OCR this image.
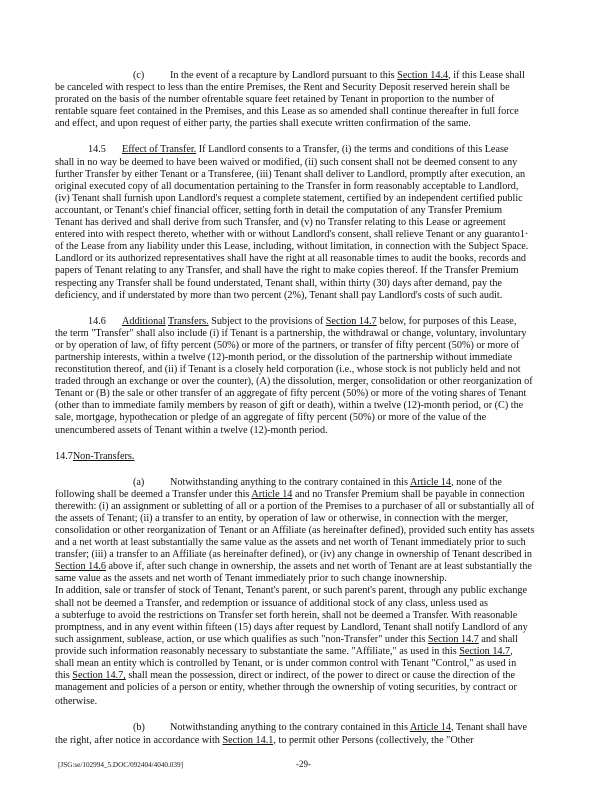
(c)	In the event of a recapture by Landlord pursuant to this Section 14.4, if this Lease shall
be canceled with respect to less than the entire Premises, the Rent and Security Deposit reserved herein shall be
prorated on the basis of the number ofrentable square feet retained by Tenant in proportion to the number of
rentable square feet contained in the Premises, and this Lease as so amended shall continue thereafter in full force
and effect, and upon request of either party, the parties shall execute written confirmation of the same.
14.5 Effect of Transfer. If Landlord consents to a Transfer, (i) the terms and conditions of this Lease
shall in no way be deemed to have been waived or modified, (ii) such consent shall not be deemed consent to any
further Transfer by either Tenant or a Transferee, (iii) Tenant shall deliver to Landlord, promptly after execution, an
original executed copy of all documentation pertaining to the Transfer in form reasonably acceptable to Landlord,
(iv) Tenant shall furnish upon Landlord's request a complete statement, certified by an independent certified public
accountant, or Tenant's chief financial officer, setting forth in detail the computation of any Transfer Premium
Tenant has derived and shall derive from such Transfer, and (v) no Transfer relating to this Lease or agreement
entered into with respect thereto, whether with or without Landlord's consent, shall relieve Tenant or any guaranto1·
of the Lease from any liability under this Lease, including, without limitation, in connection with the Subject Space.
Landlord or its authorized representatives shall have the right at all reasonable times to audit the books, records and
papers of Tenant relating to any Transfer, and shall have the right to make copies thereof. If the Transfer Premium
respecting any Transfer shall be found understated, Tenant shall, within thirty (30) days after demand, pay the
deficiency, and if understated by more than two percent (2%), Tenant shall pay Landlord's costs of such audit.
14.6 Additional Transfers. Subject to the provisions of Section 14.7 below, for purposes of this Lease,
the term "Transfer" shall also include (i) if Tenant is a partnership, the withdrawal or change, voluntary, involuntary
or by operation of law, of fifty percent (50%) or more of the partners, or transfer of fifty percent (50%) or more of
partnership interests, within a twelve (12)-month period, or the dissolution of the partnership without immediate
reconstitution thereof, and (ii) if Tenant is a closely held corporation (i.e., whose stock is not publicly held and not
traded through an exchange or over the counter), (A) the dissolution, merger, consolidation or other reorganization of
Tenant or (B) the sale or other transfer of an aggregate of fifty percent (50%) or more of the voting shares of Tenant
(other than to immediate family members by reason of gift or death), within a twelve (12)-month period, or (C) the
sale, mortgage, hypothecation or pledge of an aggregate of fifty percent (50%) or more of the value of the
unencumbered assets of Tenant within a twelve (12)-month period.
14.7Non-Transfers.
(a)	Notwithstanding anything to the contrary contained in this Article 14, none of the
following shall be deemed a Transfer under this Article 14 and no Transfer Premium shall be payable in connection
therewith: (i) an assignment or subletting of all or a portion of the Premises to a purchaser of all or substantially all of
the assets of Tenant; (ii) a transfer to an entity, by operation of law or otherwise, in connection with the merger,
consolidation or other reorganization of Tenant or an Affiliate (as hereinafter defined), provided such entity has assets
and a net worth at least substantially the same value as the assets and net worth of Tenant immediately prior to such
transfer; (iii) a transfer to an Affiliate (as hereinafter defined), or (iv) any change in ownership of Tenant described in
Section 14.6 above if, after such change in ownership, the assets and net worth of Tenant are at least substantially the
same value as the assets and net worth of Tenant immediately prior to such change inownership.
In addition, sale or transfer of stock of Tenant, Tenant's parent, or such parent's parent, through any public exchange
shall not be deemed a Transfer, and redemption or issuance of additional stock of any class, unless used as
a subterfuge to avoid the restrictions on Transfer set forth herein, shall not be deemed a Transfer. With reasonable
promptness, and in any event within fifteen (15) days after request by Landlord, Tenant shall notify Landlord of any
such assignment, sublease, action, or use which qualifies as such "non-Transfer" under this Section 14.7 and shall
provide such information reasonably necessary to substantiate the same. "Affiliate," as used in this Section 14.7,
shall mean an entity which is controlled by Tenant, or is under common control with Tenant "Control," as used in
this Section 14.7, shall mean the possession, direct or indirect, of the power to direct or cause the direction of the
management and policies of a person or entity, whether through the ownership of voting securities, by contract or
otherwise.
(b) Notwithstanding anything to the contrary contained in this Article 14, Tenant shall have
the right, after notice in accordance with Section 14.1, to permit other Persons (collectively, the "Other
[JSG:se/102994_5.DOC/092404/4040.039]	-29-
